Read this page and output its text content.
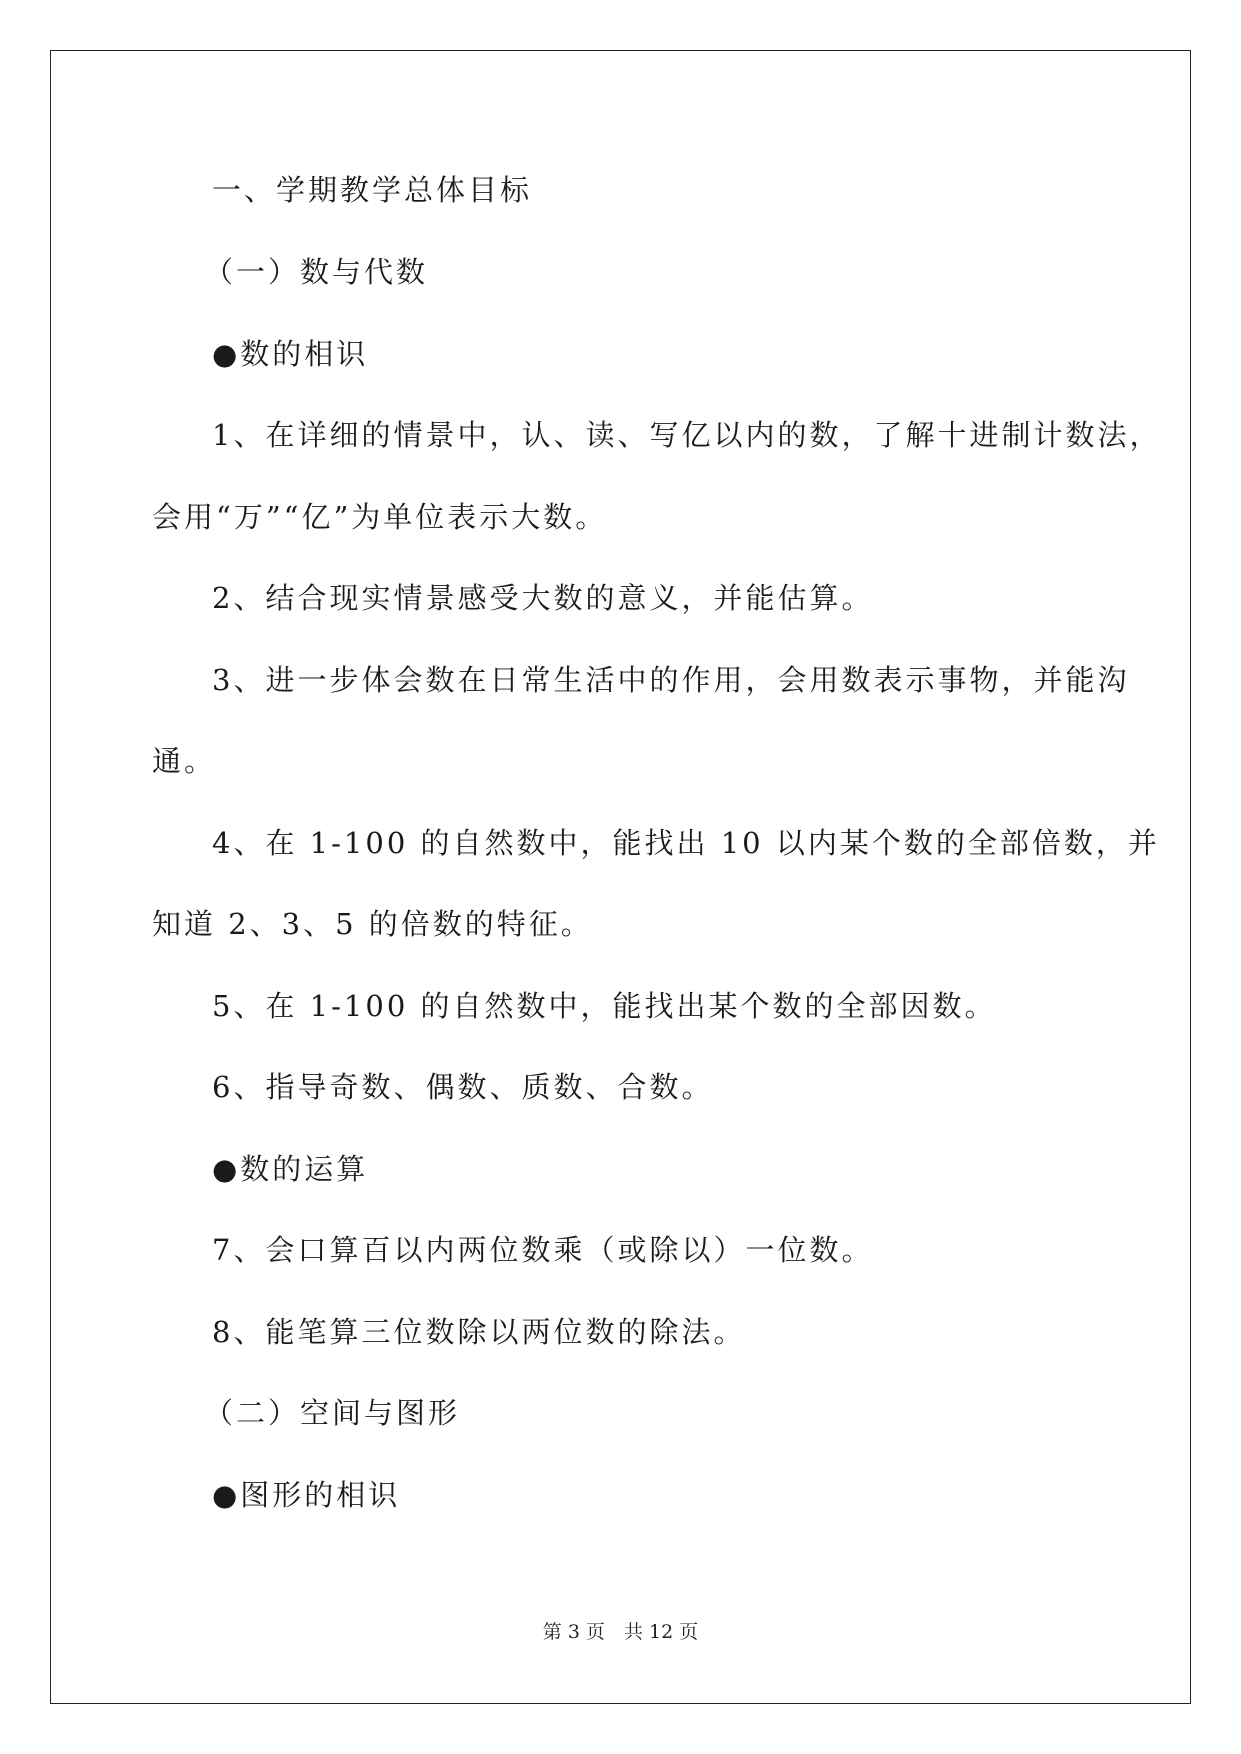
一、学期教学总体目标
（一）数与代数
●数的相识
1、在详细的情景中，认、读、写亿以内的数，了解十进制计数法，
会用“万”“亿”为单位表示大数。
2、结合现实情景感受大数的意义，并能估算。
3、进一步体会数在日常生活中的作用，会用数表示事物，并能沟
通。
4、在 1-100 的自然数中，能找出 10 以内某个数的全部倍数，并
知道 2、3、5 的倍数的特征。
5、在 1-100 的自然数中，能找出某个数的全部因数。
6、指导奇数、偶数、质数、合数。
●数的运算
7、会口算百以内两位数乘（或除以）一位数。
8、能笔算三位数除以两位数的除法。
（二）空间与图形
●图形的相识
第 3 页　共 12 页
